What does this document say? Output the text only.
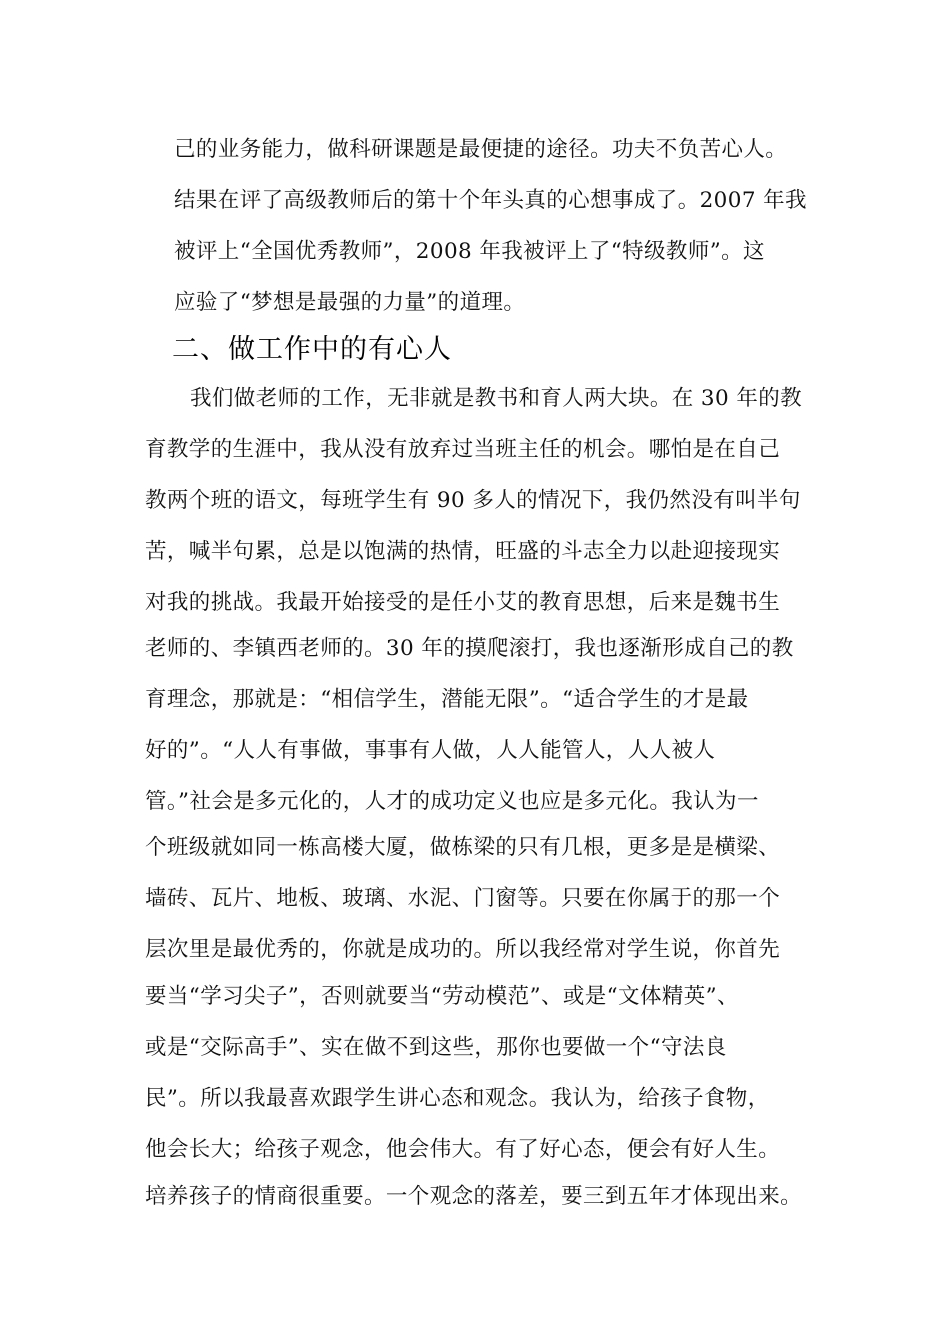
己的业务能力，做科研课题是最便捷的途径。功夫不负苦心人。
结果在评了高级教师后的第十个年头真的心想事成了。2007 年我
被评上“全国优秀教师”，2008 年我被评上了“特级教师”。这
应验了“梦想是最强的力量”的道理。
二、做工作中的有心人
我们做老师的工作，无非就是教书和育人两大块。在 30 年的教
育教学的生涯中，我从没有放弃过当班主任的机会。哪怕是在自己
教两个班的语文，每班学生有 90 多人的情况下，我仍然没有叫半句
苦，喊半句累，总是以饱满的热情，旺盛的斗志全力以赴迎接现实
对我的挑战。我最开始接受的是任小艾的教育思想，后来是魏书生
老师的、李镇西老师的。30 年的摸爬滚打，我也逐渐形成自己的教
育理念，那就是：“相信学生，潜能无限”。“适合学生的才是最
好的”。“人人有事做，事事有人做，人人能管人，人人被人
管。”社会是多元化的，人才的成功定义也应是多元化。我认为一
个班级就如同一栋高楼大厦，做栋梁的只有几根，更多是是横梁、
墙砖、瓦片、地板、玻璃、水泥、门窗等。只要在你属于的那一个
层次里是最优秀的，你就是成功的。所以我经常对学生说，你首先
要当“学习尖子”，否则就要当“劳动模范”、或是“文体精英”、
或是“交际高手”、实在做不到这些，那你也要做一个“守法良
民”。所以我最喜欢跟学生讲心态和观念。我认为，给孩子食物，
他会长大；给孩子观念，他会伟大。有了好心态，便会有好人生。
培养孩子的情商很重要。一个观念的落差，要三到五年才体现出来。
